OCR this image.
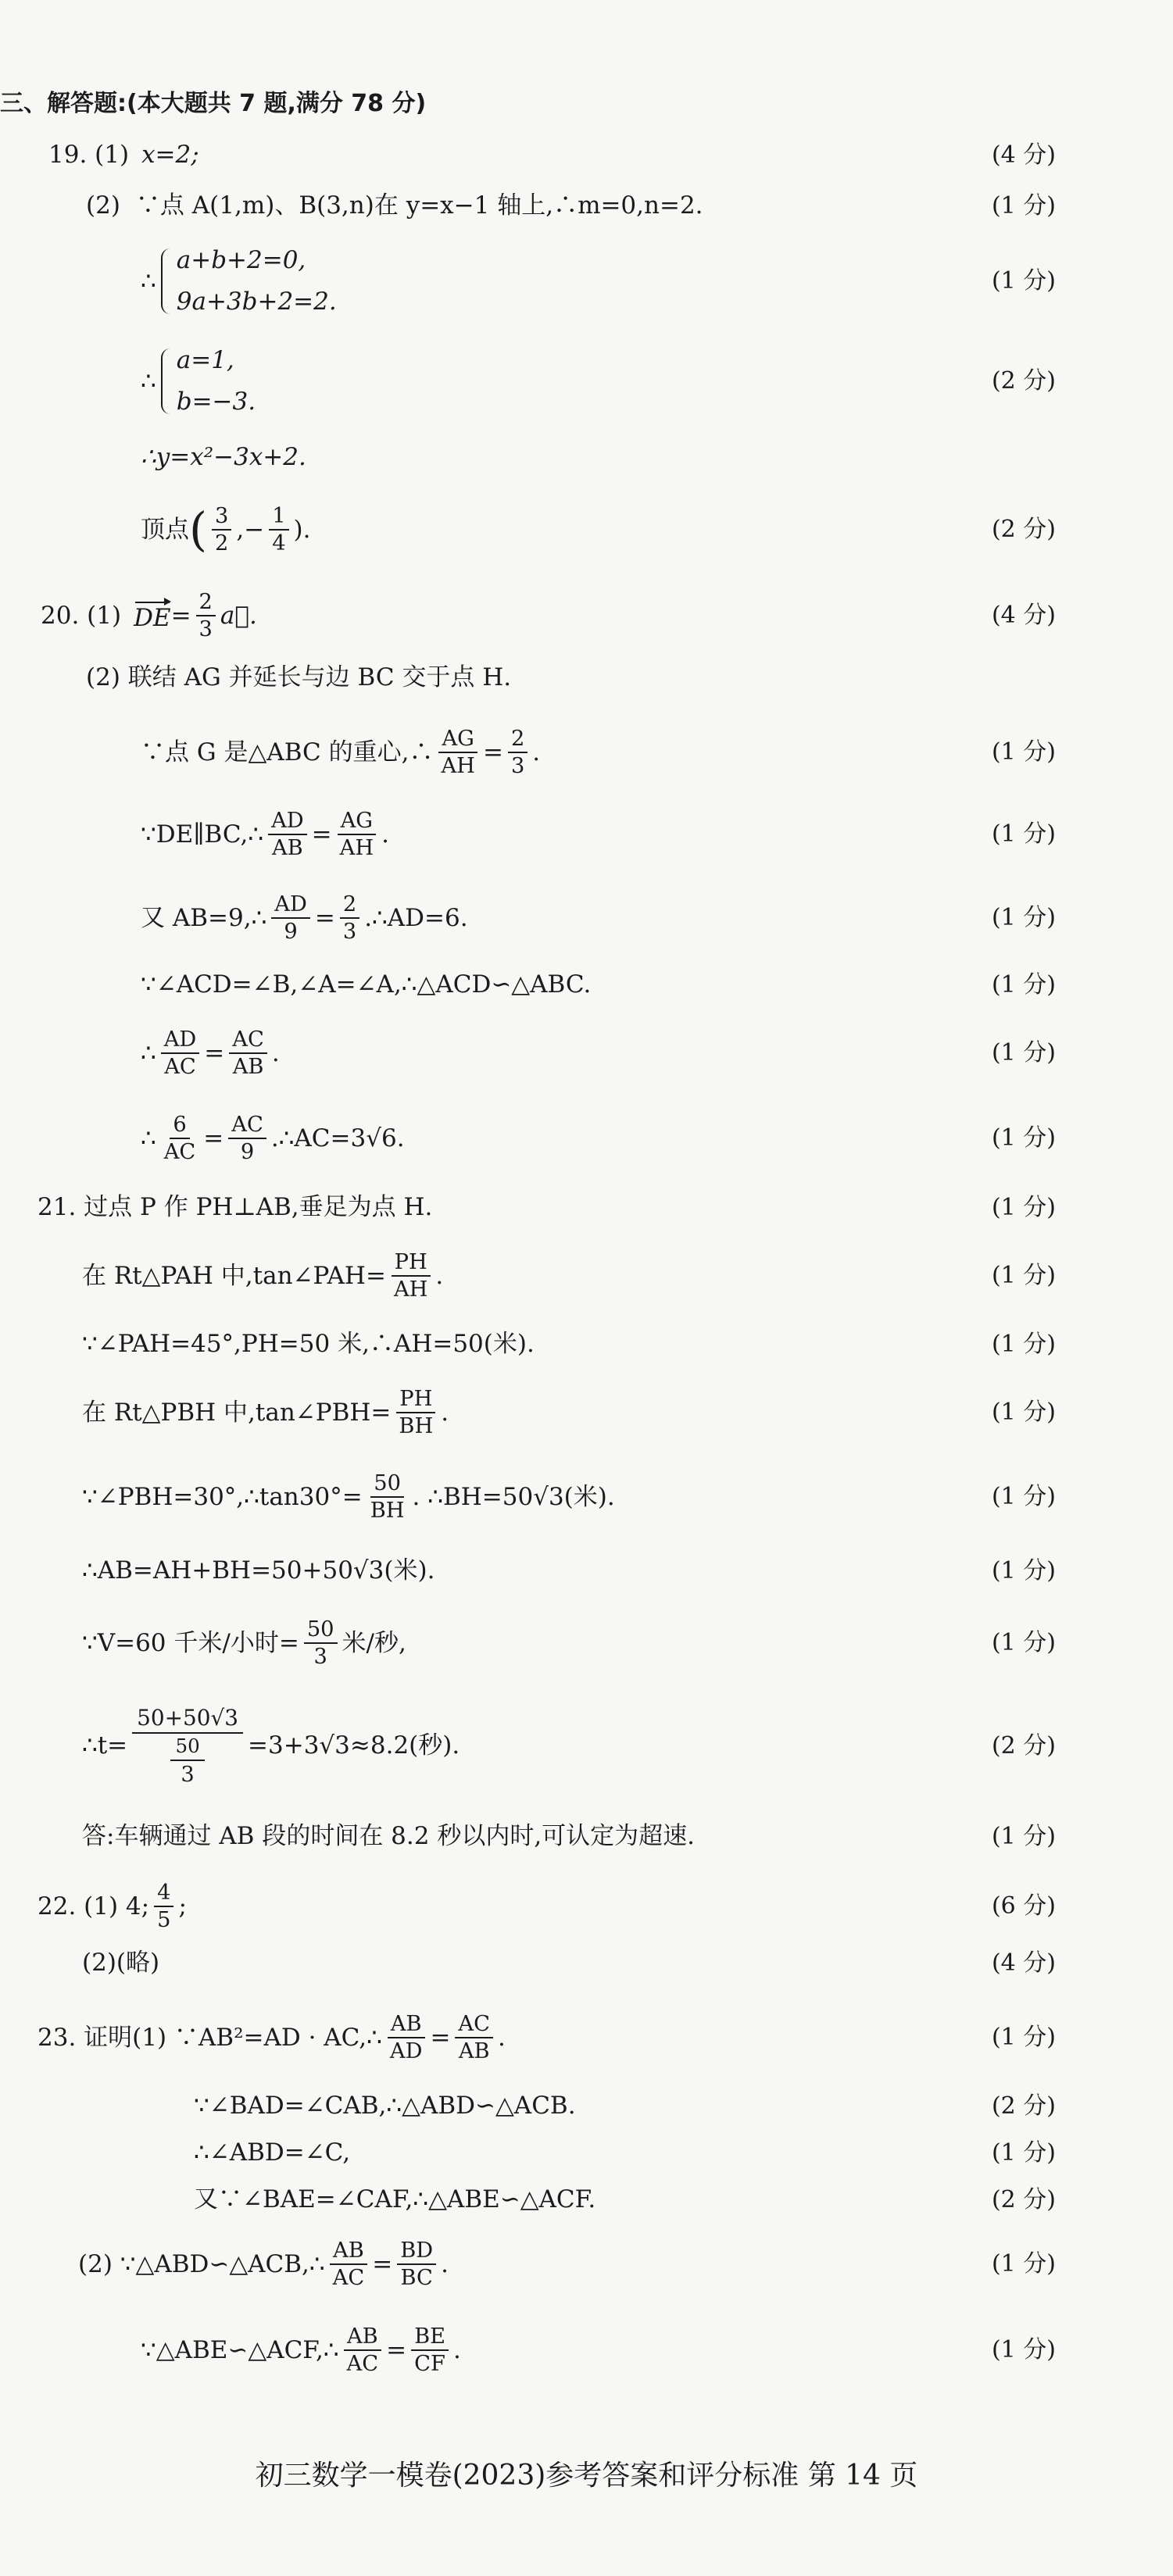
三、解答题:(本大题共 7 题,满分 78 分)
19. (1) x=2;	(4 分)
(2) ∵点 A(1,m)、B(3,n)在 y=x−1 轴上,∴m=0,n=2.	(1 分)
∴
a+b+2=0,
9a+3b+2=2.
(1 分)
∴
a=1,
b=−3.
(2 分)
∴y=x²−3x+2.
顶点 ( $\frac{3}{2}$ ,− $\frac{1}{4}$ ).	(2 分)
20. (1) DE = $\frac{2}{3}$ a⃗.	(4 分)
(2) 联结 AG 并延长与边 BC 交于点 H.
∵点 G 是△ABC 的重心,∴ $\frac{AG}{AH} = \frac{2}{3}$ .	(1 分)
∵DE∥BC,∴ $\frac{AD}{AB} = \frac{AG}{AH}$ .	(1 分)
又 AB=9,∴ $\frac{AD}{9} = \frac{2}{3}$ .∴AD=6.	(1 分)
∵∠ACD=∠B,∠A=∠A,∴△ACD∽△ABC.	(1 分)
∴ $\frac{AD}{AC} = \frac{AC}{AB}$ .	(1 分)
∴ $\frac{6}{AC} = \frac{AC}{9}$ .∴AC=3√6.	(1 分)
21. 过点 P 作 PH⊥AB,垂足为点 H.	(1 分)
在 Rt△PAH 中,tan∠PAH= $\frac{PH}{AH}$ .	(1 分)
∵∠PAH=45°,PH=50 米,∴AH=50(米).	(1 分)
在 Rt△PBH 中,tan∠PBH= $\frac{PH}{BH}$ .	(1 分)
∵∠PBH=30°,∴tan30°= $\frac{50}{BH}$ . ∴BH=50√3(米).	(1 分)
∴AB=AH+BH=50+50√3(米).	(1 分)
∵V=60 千米/小时= $\frac{50}{3}$ 米/秒,	(1 分)
∴t= $\frac{50+50√3}{\frac{50}{3}} =3+3√3\approx 8.2$(秒).	(2 分)
答:车辆通过 AB 段的时间在 8.2 秒以内时,可认定为超速.	(1 分)
22. (1) 4; $\frac{4}{5}$ ;	(6 分)
(2)(略)	(4 分)
23. 证明(1) ∵AB²=AD · AC,∴ $\frac{AB}{AD} = \frac{AC}{AB}$ .	(1 分)
∵∠BAD=∠CAB,∴△ABD∽△ACB.	(2 分)
∴∠ABD=∠C,	(1 分)
又∵∠BAE=∠CAF,∴△ABE∽△ACF.	(2 分)
(2) ∵△ABD∽△ACB,∴ $\frac{AB}{AC} = \frac{BD}{BC}$ .	(1 分)
∵△ABE∽△ACF,∴ $\frac{AB}{AC} = \frac{BE}{CF}$ .	(1 分)
初三数学一模卷(2023)参考答案和评分标准 第 14 页
